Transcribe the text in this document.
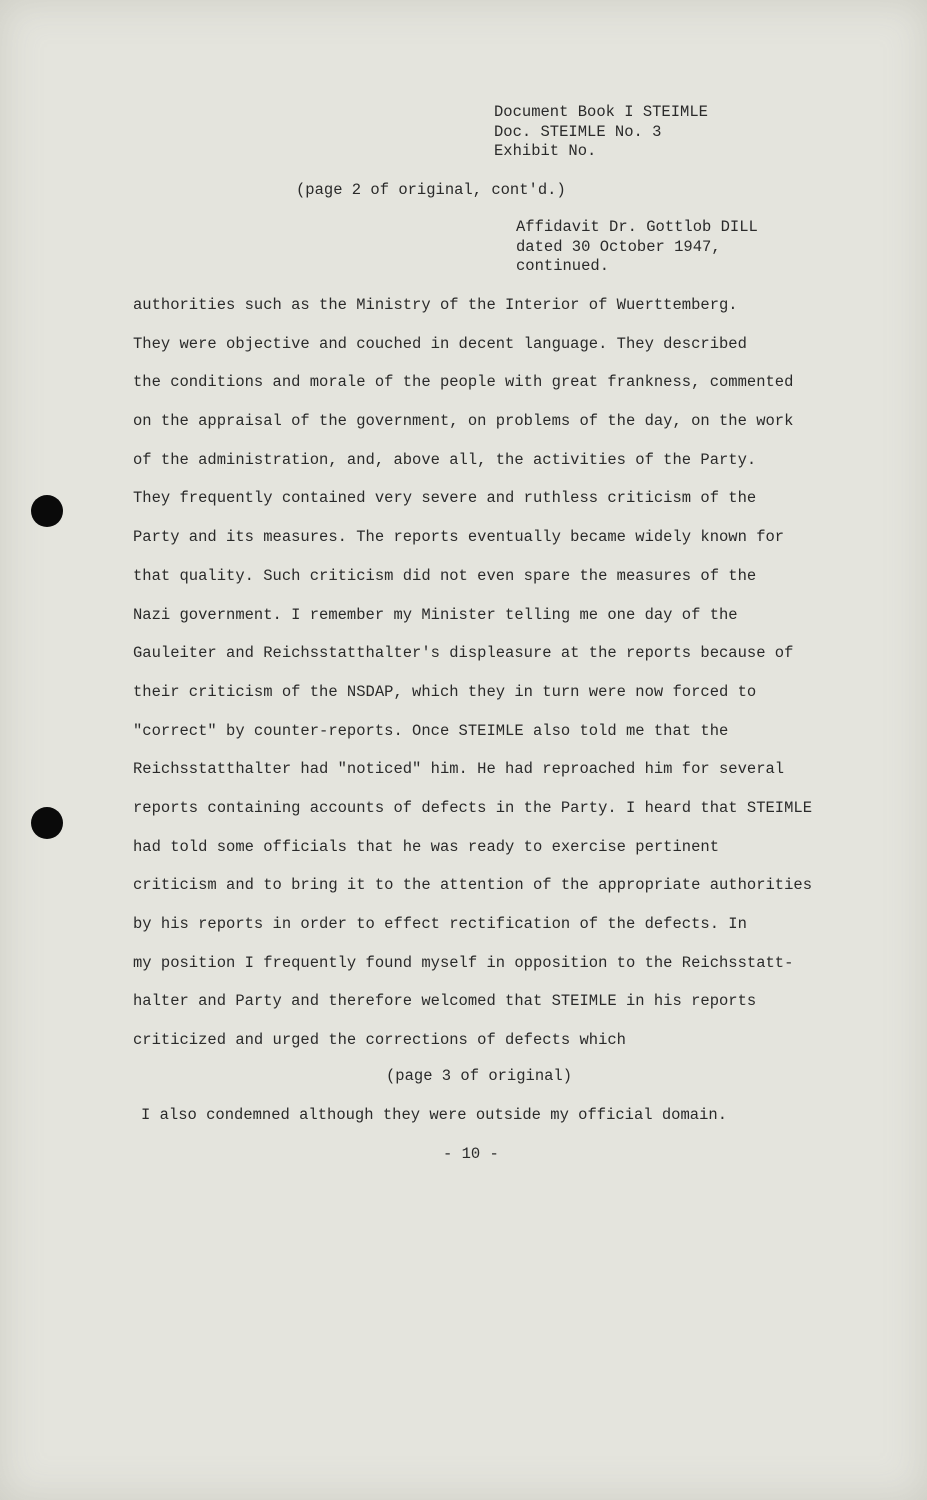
Document Book I STEIMLE
Doc. STEIMLE No. 3
Exhibit No.
(page 2 of original, cont'd.)
Affidavit Dr. Gottlob DILL
dated 30 October 1947,
continued.
authorities such as the Ministry of the Interior of Wuerttemberg.
They were objective and couched in decent language. They described
the conditions and morale of the people with great frankness, commented
on the appraisal of the government, on problems of the day, on the work
of the administration, and, above all, the activities of the Party.
They frequently contained very severe and ruthless criticism of the
Party and its measures. The reports eventually became widely known for
that quality. Such criticism did not even spare the measures of the
Nazi government. I remember my Minister telling me one day of the
Gauleiter and Reichsstatthalter's displeasure at the reports because of
their criticism of the NSDAP, which they in turn were now forced to
"correct" by counter-reports. Once STEIMLE also told me that the
Reichsstatthalter had "noticed" him. He had reproached him for several
reports containing accounts of defects in the Party. I heard that STEIMLE
had told some officials that he was ready to exercise pertinent
criticism and to bring it to the attention of the appropriate authorities
by his reports in order to effect rectification of the defects. In
my position I frequently found myself in opposition to the Reichsstatt-
halter and Party and therefore welcomed that STEIMLE in his reports
criticized and urged the corrections of defects which
(page 3 of original)
I also condemned although they were outside my official domain.
- 10 -
